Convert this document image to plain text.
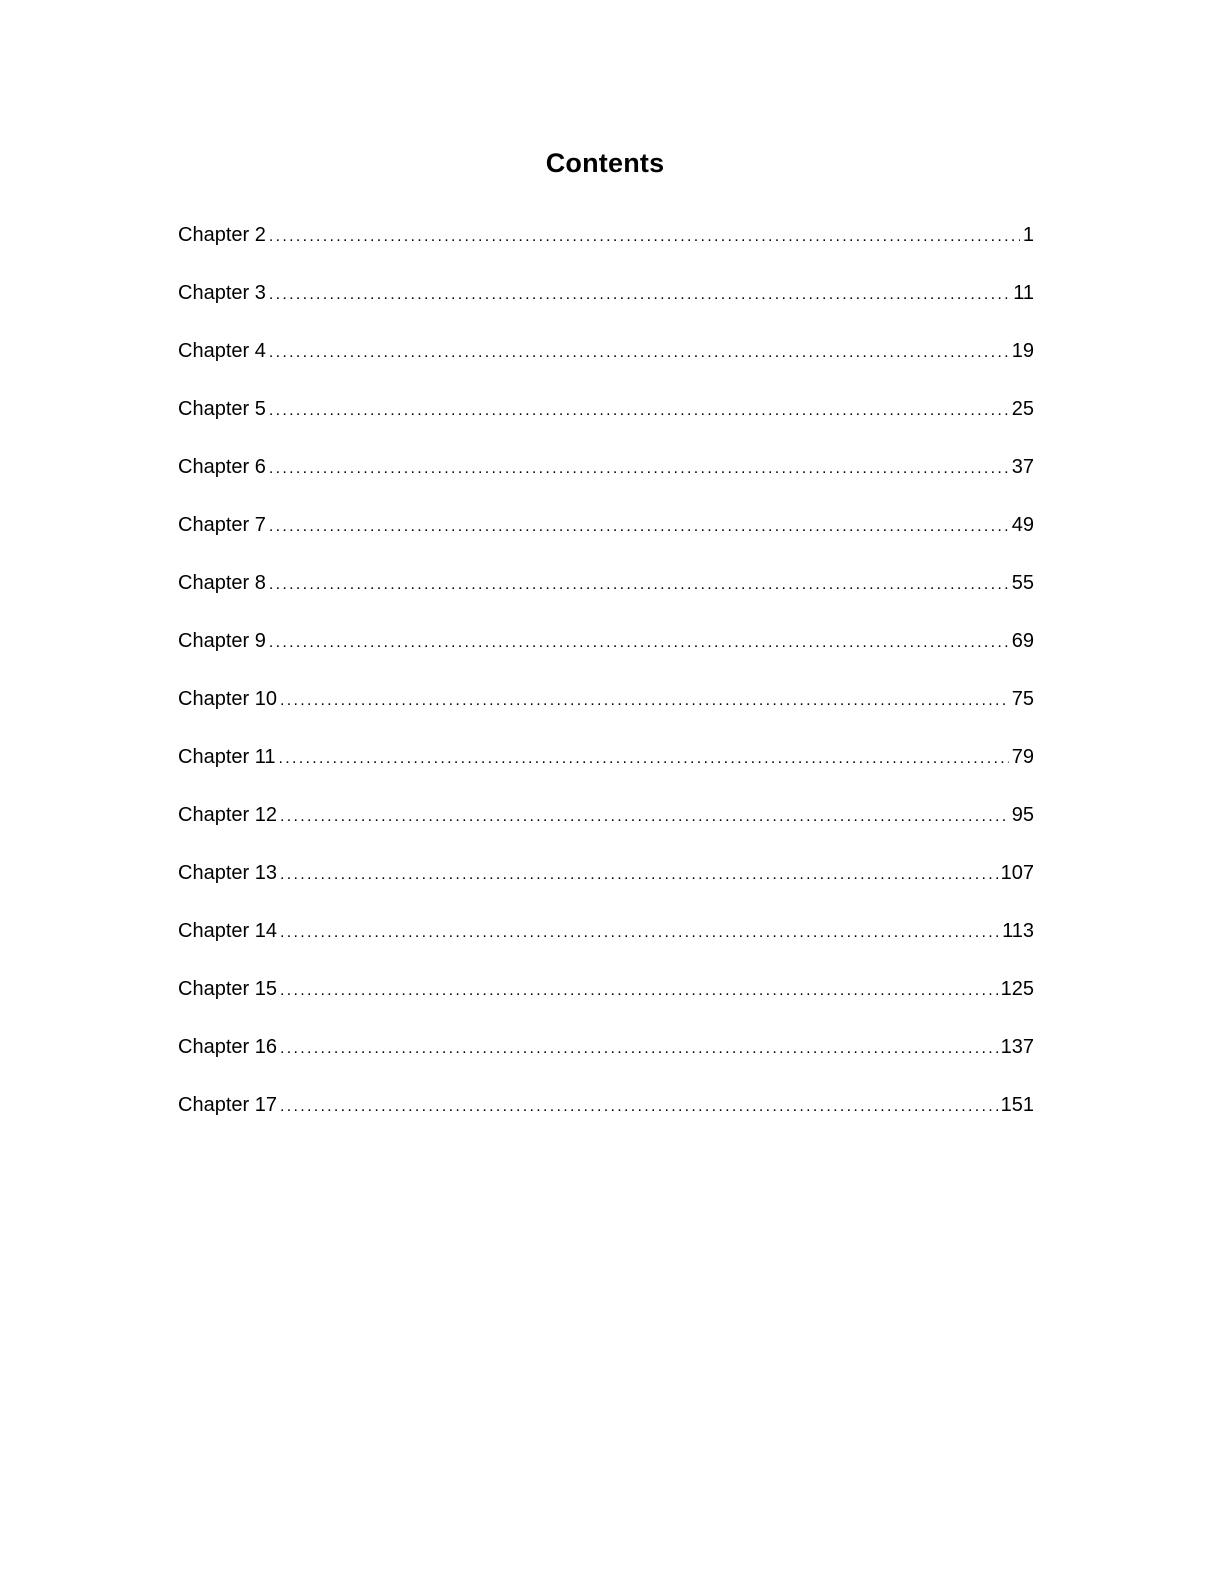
Contents
Chapter 2 .....	1
Chapter 3 .....	11
Chapter 4 .....	19
Chapter 5 .....	25
Chapter 6 .....	37
Chapter 7 .....	49
Chapter 8 .....	55
Chapter 9 .....	69
Chapter 10 .....	75
Chapter 11 .....	79
Chapter 12 .....	95
Chapter 13 .....	107
Chapter 14 .....	113
Chapter 15 .....	125
Chapter 16 .....	137
Chapter 17 .....	151
